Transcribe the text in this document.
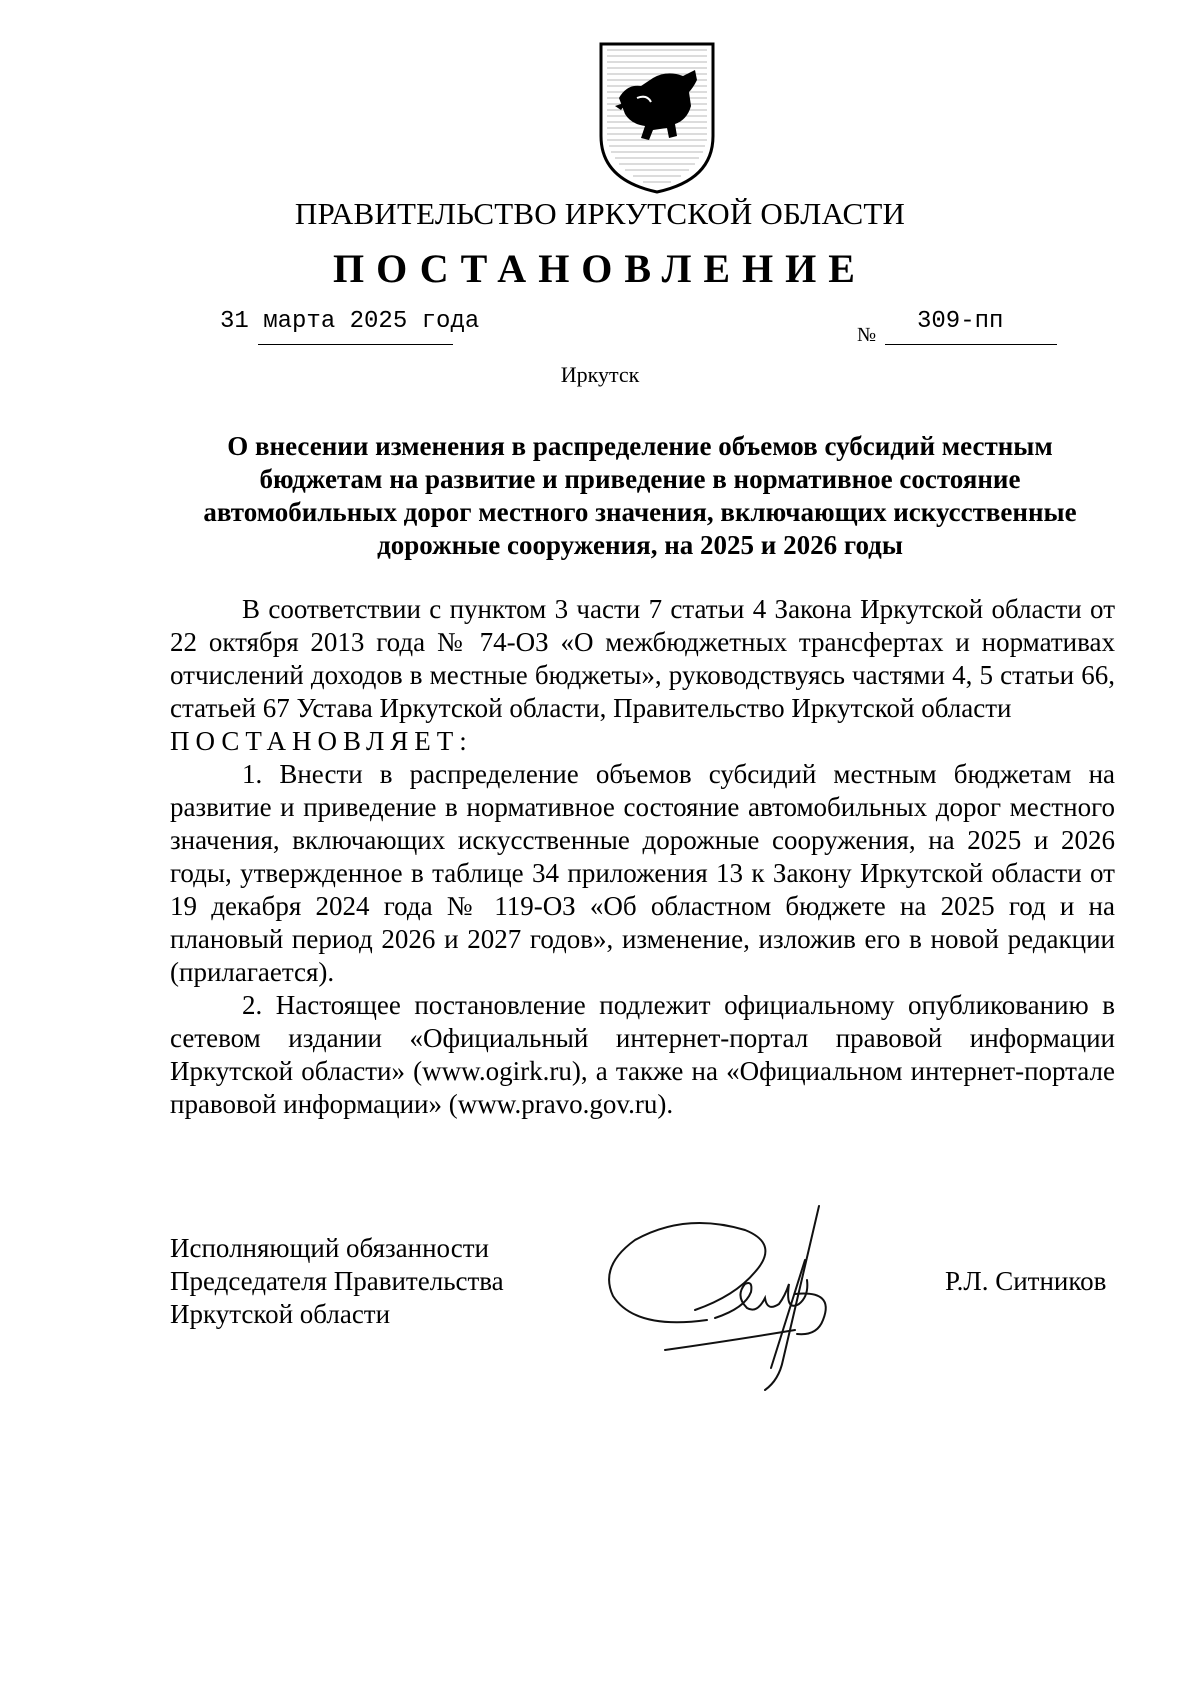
ПРАВИТЕЛЬСТВО ИРКУТСКОЙ ОБЛАСТИ
ПОСТАНОВЛЕНИЕ
31 марта 2025 года	№ 309-пп
Иркутск
О внесении изменения в распределение объемов субсидий местным бюджетам на развитие и приведение в нормативное состояние автомобильных дорог местного значения, включающих искусственные дорожные сооружения, на 2025 и 2026 годы

В соответствии с пунктом 3 части 7 статьи 4 Закона Иркутской области от 22 октября 2013 года № 74-ОЗ «О межбюджетных трансфертах и нормативах отчислений доходов в местные бюджеты», руководствуясь частями 4, 5 статьи 66, статьей 67 Устава Иркутской области, Правительство Иркутской области

ПОСТАНОВЛЯЕТ:

1. Внести в распределение объемов субсидий местным бюджетам на развитие и приведение в нормативное состояние автомобильных дорог местного значения, включающих искусственные дорожные сооружения, на 2025 и 2026 годы, утвержденное в таблице 34 приложения 13 к Закону Иркутской области от 19 декабря 2024 года № 119-ОЗ «Об областном бюджете на 2025 год и на плановый период 2026 и 2027 годов», изменение, изложив его в новой редакции (прилагается).

2. Настоящее постановление подлежит официальному опубликованию в сетевом издании «Официальный интернет-портал правовой информации Иркутской области» (www.ogirk.ru), а также на «Официальном интернет-портале правовой информации» (www.pravo.gov.ru).

Исполняющий обязанности
Председателя Правительства
Иркутской области
Р.Л. Ситников
